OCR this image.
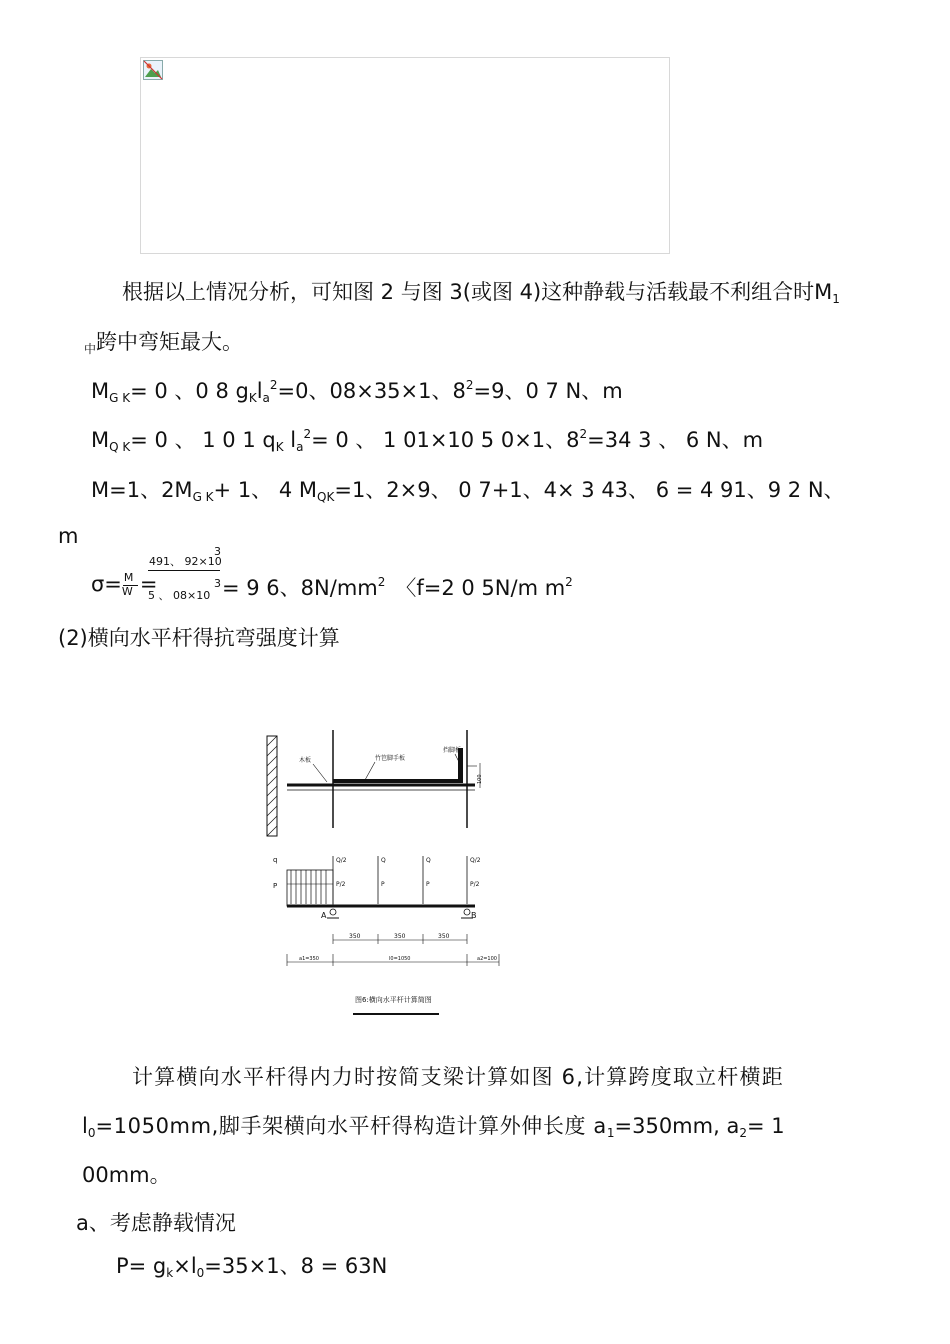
根据以上情况分析，可知图 2 与图 3(或图 4)这种静载与活载最不利组合时$M_1$
$_中$跨中弯矩最大。
$M_{G K}= 0$ 、0 8 $g_Kl_a^2=0$、08×35×1、$8^2=9$、0 7 N、m
$M_{Q K}= 0$ 、 1 0 1 $q_K$ $l_a^2= 0$ 、 1 01×10 5 0×1、$8^2=34$ 3 、 6 N、m
M=1、$2M_{G K}+ 1$、 4 $M_{QK}=1$、2×9、 0 7+1、4× 3 43、 6 = 4 91、9 2 N、
m
491、 92×10
3
$\sigma= \frac{M}{W}$ =
5 、 08×10
3 = 9 6、$8N/mm^2$ 〈f=2 0 5N/m $m^2$
(2)横向水平杆得抗弯强度计算
木板	竹笆脚手板
挡脚板
100
q
P
Q/2
P/2
Q
P
Q
P
Q/2
P/2
A	B
350	350	350
a1=350	l0=1050	a2=100
图6:横向水平杆计算简图
计算横向水平杆得内力时按简支梁计算如图 6,计算跨度取立杆横距
$l_0=1050mm$,脚手架横向水平杆得构造计算外伸长度 $a_1=350mm$, $a_2= 1$
00mm。
a、考虑静载情况
$P= g_k\times l_0=35\times 1$、8 = 63N
